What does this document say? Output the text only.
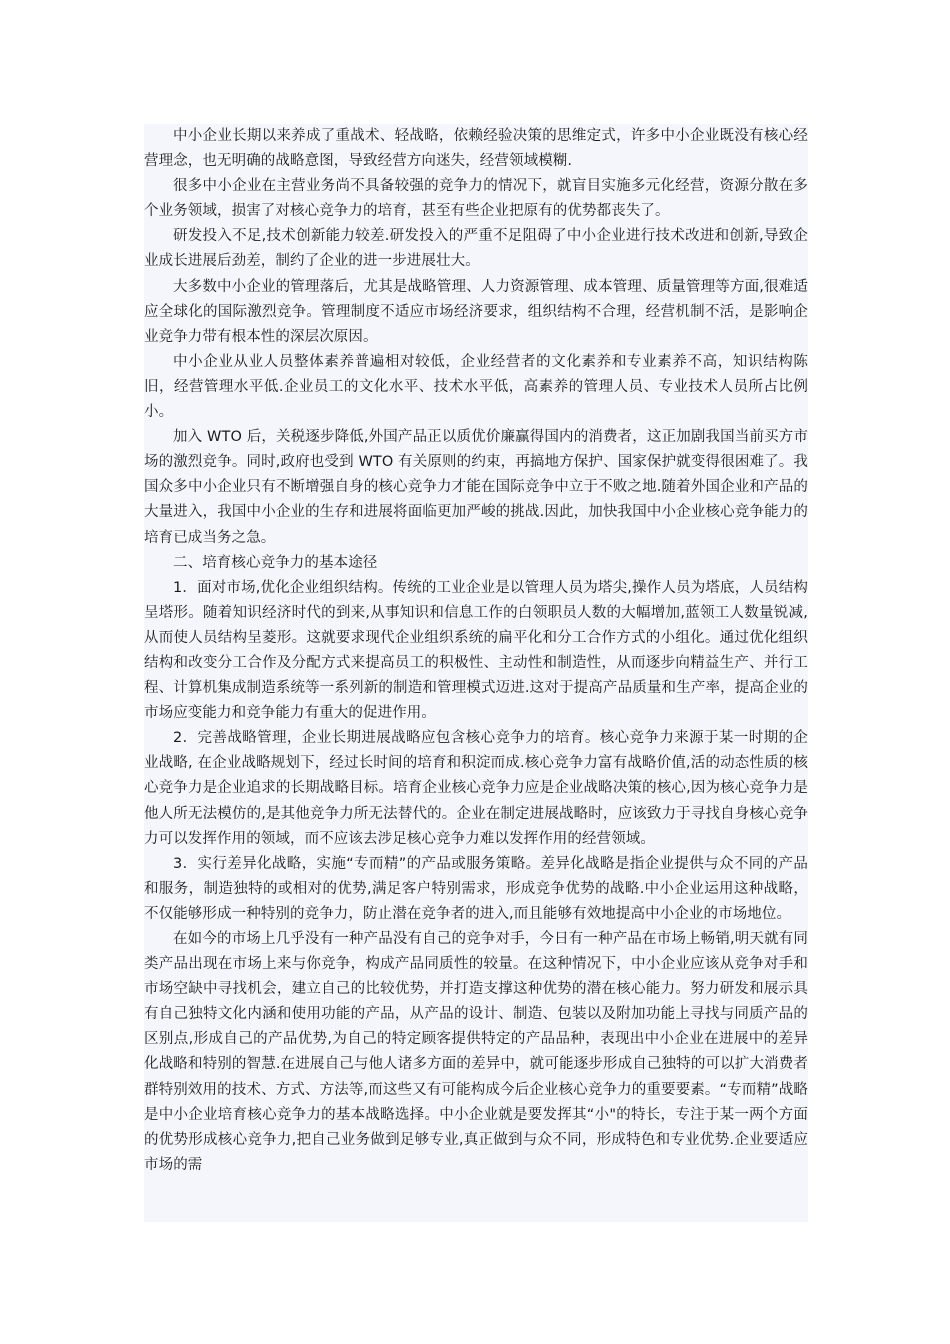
中小企业长期以来养成了重战术、轻战略，依赖经验决策的思维定式，许多中小企业既没有核心经营理念，也无明确的战略意图，导致经营方向迷失，经营领域模糊.

很多中小企业在主营业务尚不具备较强的竞争力的情况下，就盲目实施多元化经营，资源分散在多个业务领域，损害了对核心竞争力的培育，甚至有些企业把原有的优势都丧失了。

研发投入不足,技术创新能力较差.研发投入的严重不足阻碍了中小企业进行技术改进和创新,导致企业成长进展后劲差，制约了企业的进一步进展壮大。

大多数中小企业的管理落后，尤其是战略管理、人力资源管理、成本管理、质量管理等方面,很难适应全球化的国际激烈竞争。管理制度不适应市场经济要求，组织结构不合理，经营机制不活，是影响企业竞争力带有根本性的深层次原因。

中小企业从业人员整体素养普遍相对较低，企业经营者的文化素养和专业素养不高，知识结构陈旧，经营管理水平低.企业员工的文化水平、技术水平低，高素养的管理人员、专业技术人员所占比例小。

加入 WTO 后，关税逐步降低,外国产品正以质优价廉赢得国内的消费者，这正加剧我国当前买方市场的激烈竞争。同时,政府也受到 WTO 有关原则的约束，再搞地方保护、国家保护就变得很困难了。我国众多中小企业只有不断增强自身的核心竞争力才能在国际竞争中立于不败之地.随着外国企业和产品的大量进入，我国中小企业的生存和进展将面临更加严峻的挑战.因此，加快我国中小企业核心竞争能力的培育已成当务之急。

二、培育核心竞争力的基本途径

1．面对市场,优化企业组织结构。传统的工业企业是以管理人员为塔尖,操作人员为塔底，人员结构呈塔形。随着知识经济时代的到来,从事知识和信息工作的白领职员人数的大幅增加,蓝领工人数量锐减,从而使人员结构呈菱形。这就要求现代企业组织系统的扁平化和分工合作方式的小组化。通过优化组织结构和改变分工合作及分配方式来提高员工的积极性、主动性和制造性，从而逐步向精益生产、并行工程、计算机集成制造系统等一系列新的制造和管理模式迈进.这对于提高产品质量和生产率，提高企业的市场应变能力和竞争能力有重大的促进作用。

2．完善战略管理，企业长期进展战略应包含核心竞争力的培育。核心竞争力来源于某一时期的企业战略, 在企业战略规划下，经过长时间的培育和积淀而成.核心竞争力富有战略价值,活的动态性质的核心竞争力是企业追求的长期战略目标。培育企业核心竞争力应是企业战略决策的核心,因为核心竞争力是他人所无法模仿的,是其他竞争力所无法替代的。企业在制定进展战略时，应该致力于寻找自身核心竞争力可以发挥作用的领域，而不应该去涉足核心竞争力难以发挥作用的经营领域。

3．实行差异化战略，实施“专而精”的产品或服务策略。差异化战略是指企业提供与众不同的产品和服务，制造独特的或相对的优势,满足客户特别需求，形成竞争优势的战略.中小企业运用这种战略，不仅能够形成一种特别的竞争力，防止潜在竞争者的进入,而且能够有效地提高中小企业的市场地位。

在如今的市场上几乎没有一种产品没有自己的竞争对手，今日有一种产品在市场上畅销,明天就有同类产品出现在市场上来与你竞争，构成产品同质性的较量。在这种情况下，中小企业应该从竞争对手和市场空缺中寻找机会，建立自己的比较优势，并打造支撑这种优势的潜在核心能力。努力研发和展示具有自己独特文化内涵和使用功能的产品，从产品的设计、制造、包装以及附加功能上寻找与同质产品的区别点,形成自己的产品优势,为自己的特定顾客提供特定的产品品种，表现出中小企业在进展中的差异化战略和特别的智慧.在进展自己与他人诸多方面的差异中，就可能逐步形成自己独特的可以扩大消费者群特别效用的技术、方式、方法等,而这些又有可能构成今后企业核心竞争力的重要要素。“专而精”战略是中小企业培育核心竞争力的基本战略选择。中小企业就是要发挥其“小"的特长，专注于某一两个方面的优势形成核心竞争力,把自己业务做到足够专业,真正做到与众不同，形成特色和专业优势.企业要适应市场的需
